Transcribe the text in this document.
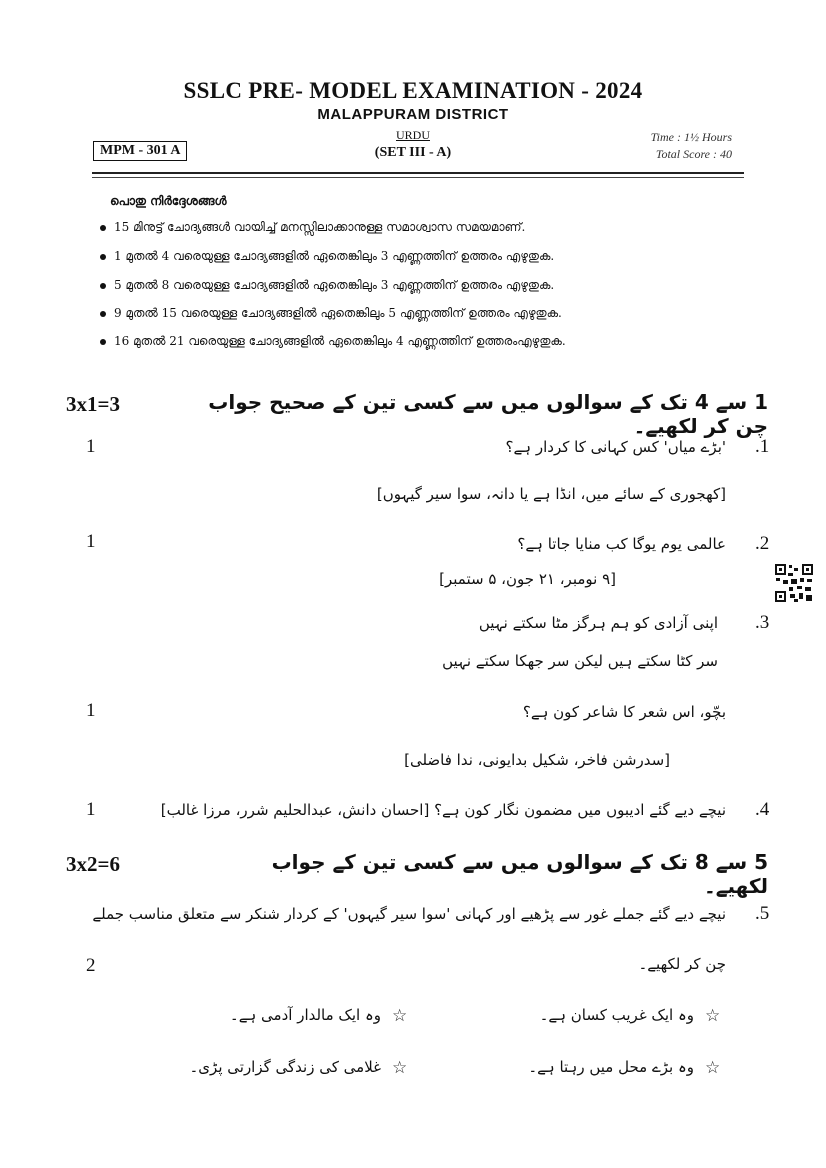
SSLC PRE- MODEL EXAMINATION - 2024
MALAPPURAM DISTRICT
MPM - 301 A
URDU
(SET III - A)
Time : 1½ Hours
Total Score : 40
പൊതു നിർദ്ദേശങ്ങൾ
15 മിനുട്ട് ചോദ്യങ്ങൾ വായിച്ച് മനസ്സിലാക്കാനുള്ള സമാശ്വാസ സമയമാണ്.
1 മുതൽ 4 വരെയുള്ള ചോദ്യങ്ങളിൽ ഏതെങ്കിലും 3 എണ്ണത്തിന് ഉത്തരം എഴുതുക.
5 മുതൽ 8 വരെയുള്ള ചോദ്യങ്ങളിൽ ഏതെങ്കിലും 3 എണ്ണത്തിന് ഉത്തരം എഴുതുക.
9 മുതൽ 15 വരെയുള്ള ചോദ്യങ്ങളിൽ ഏതെങ്കിലും 5 എണ്ണത്തിന് ഉത്തരം എഴുതുക.
16 മുതൽ 21 വരെയുള്ള ചോദ്യങ്ങളിൽ ഏതെങ്കിലും 4 എണ്ണത്തിന് ഉത്തരംഎഴുതുക.
1 سے 4 تک کے سوالوں میں سے کسی تین کے صحیح جواب چن کر لکھیے۔
3x1=3
.1
'بڑے میاں' کس کہانی کا کردار ہے؟
1
[کھجوری کے سائے میں، انڈا ہے یا دانہ، سوا سیر گیہوں]
.2
عالمی یوم یوگا کب منایا جاتا ہے؟
1
[۹ نومبر، ۲۱ جون، ۵ ستمبر]
.3
اپنی آزادی کو ہم ہرگز مٹا سکتے نہیں
سر کٹا سکتے ہیں لیکن سر جھکا سکتے نہیں
1	بچّو، اس شعر کا شاعر کون ہے؟
[سدرشن فاخر، شکیل بدایونی، ندا فاضلی]
.4
نیچے دیے گئے ادیبوں میں مضمون نگار کون ہے؟ [احسان دانش، عبدالحلیم شرر، مرزا غالب]
1
5 سے 8 تک کے سوالوں میں سے کسی تین کے جواب لکھیے۔
3x2=6
.5
نیچے دیے گئے جملے غور سے پڑھیے اور کہانی 'سوا سیر گیہوں' کے کردار شنکر سے متعلق مناسب جملے
چن کر لکھیے۔
2
☆
وہ ایک غریب کسان ہے۔
☆
وہ ایک مالدار آدمی ہے۔
☆
وہ بڑے محل میں رہتا ہے۔
☆
غلامی کی زندگی گزارتی پڑی۔
